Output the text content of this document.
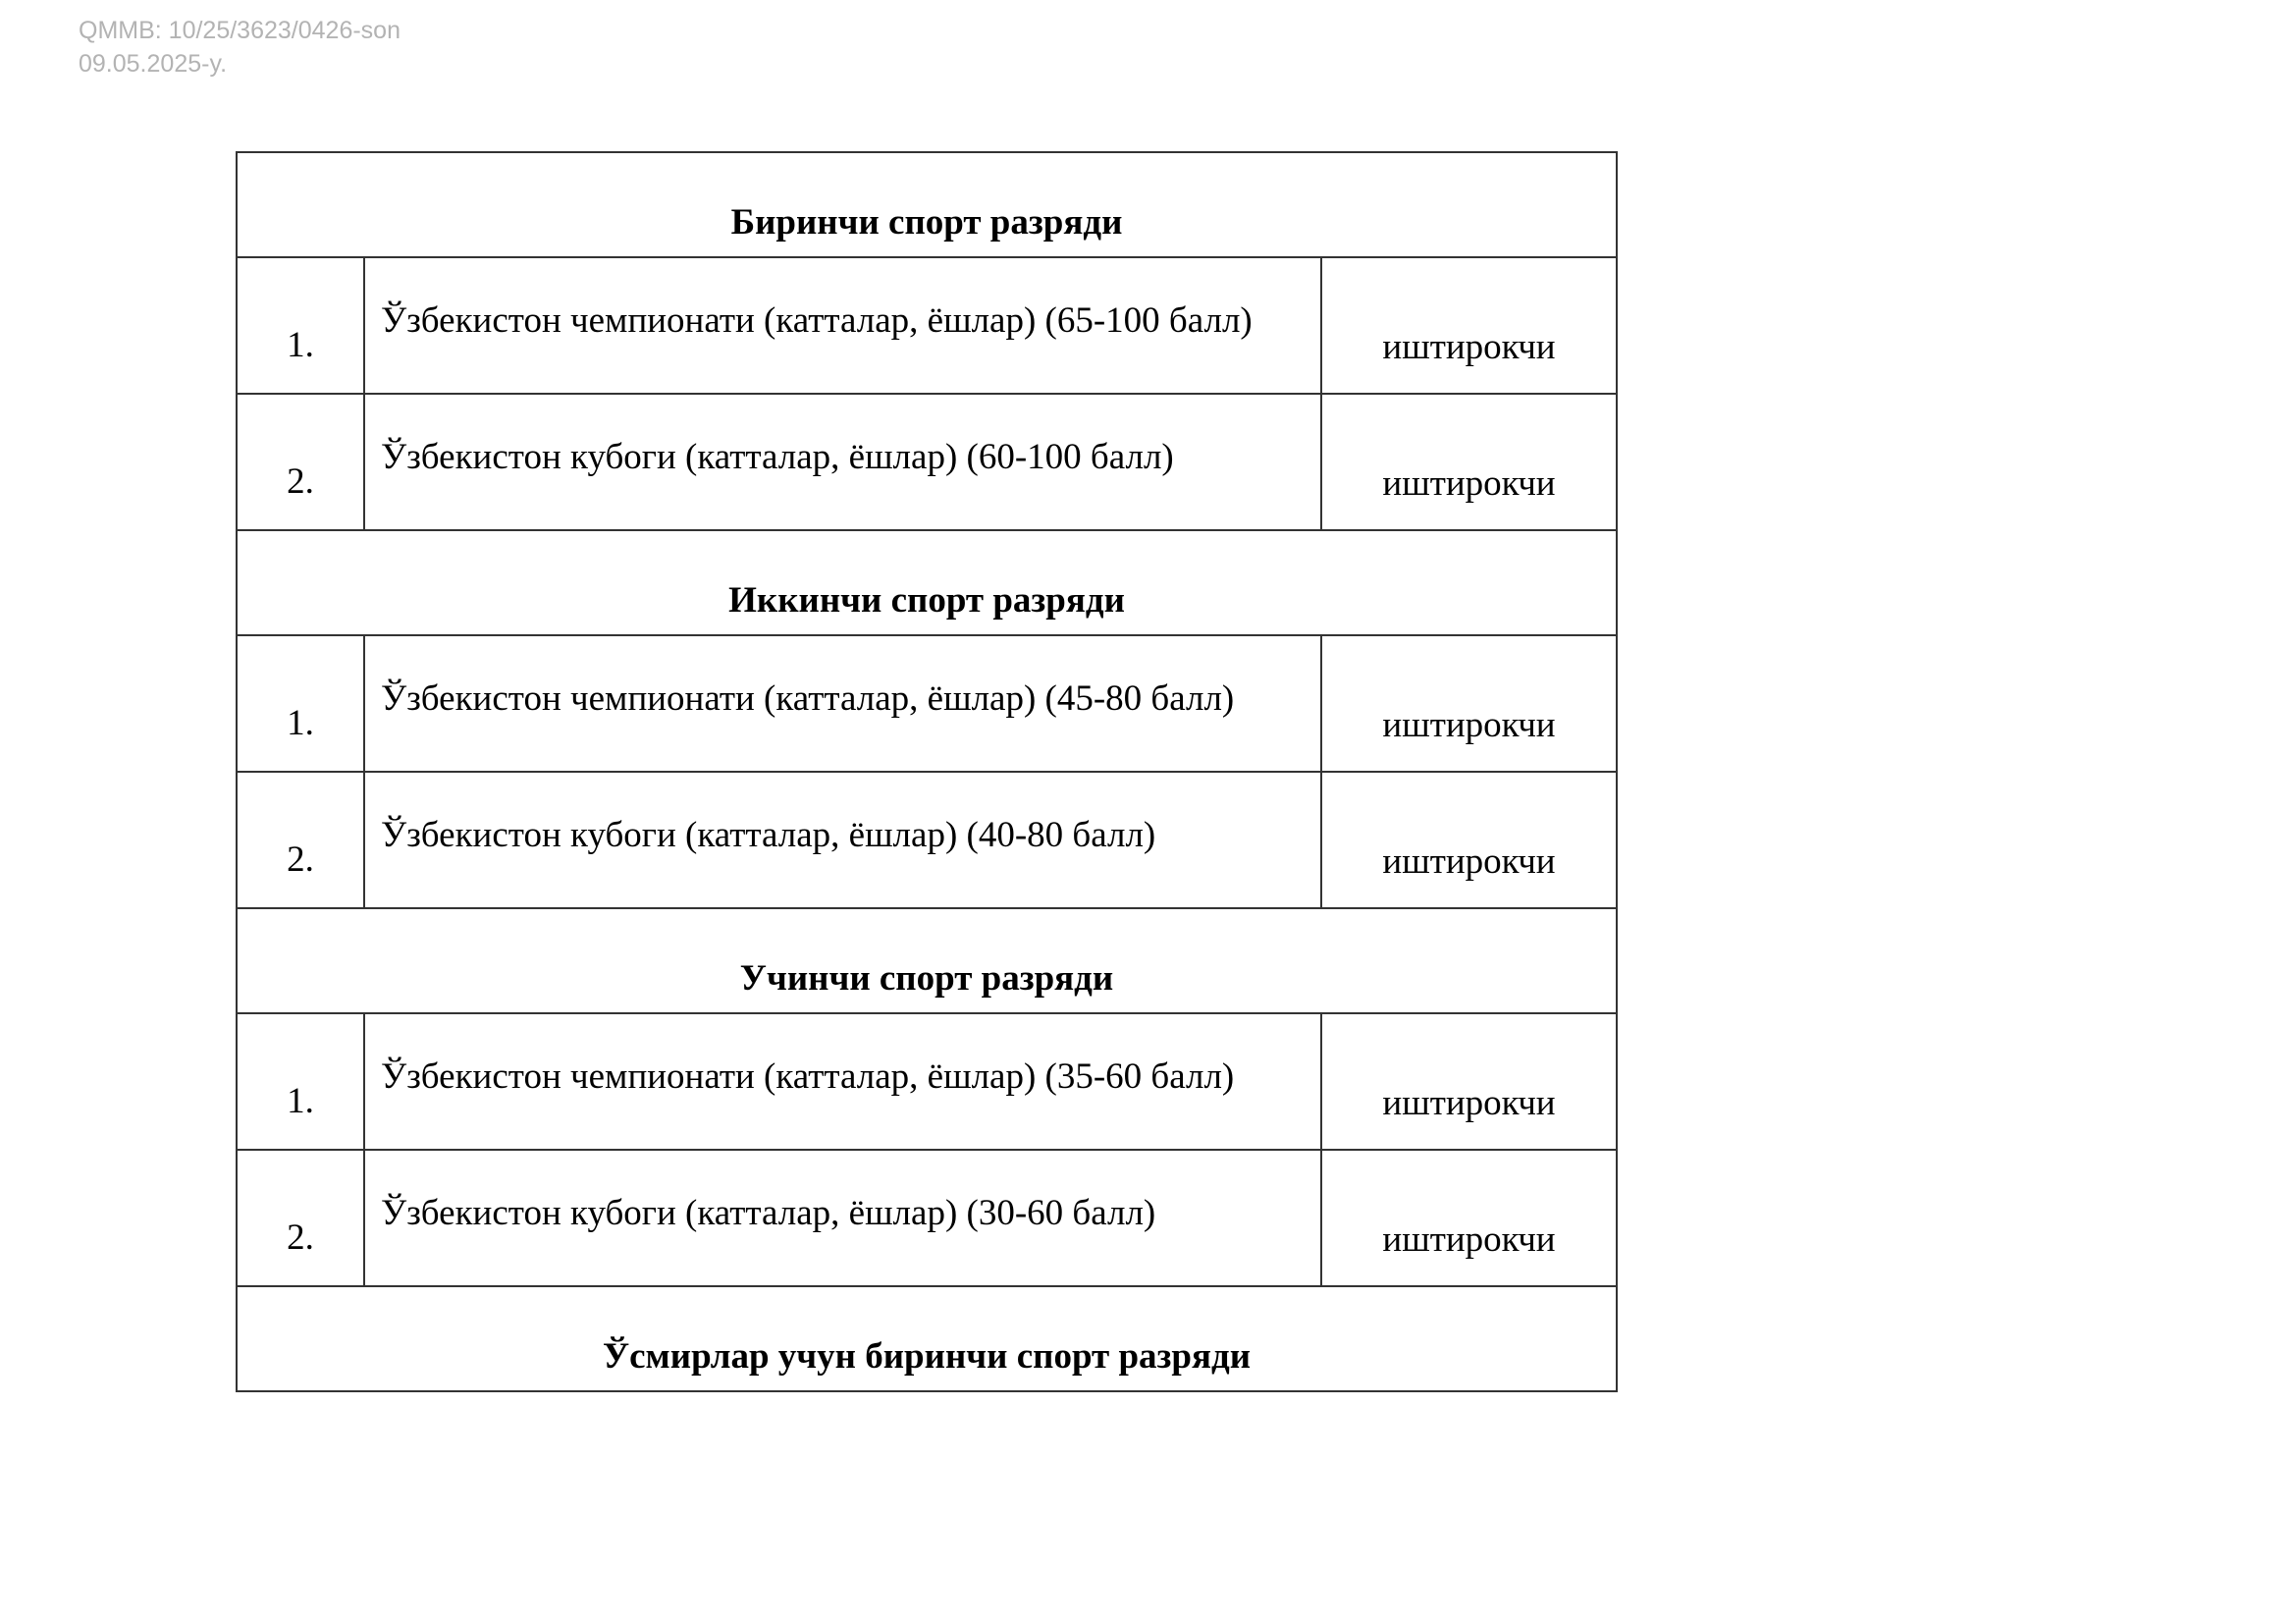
QMMB: 10/25/3623/0426-son
09.05.2025-y.
Биринчи спорт разряди		
1.	Ўзбекистон чемпионати (катталар, ёшлар) (65-100 балл)	иштирокчи
2.	Ўзбекистон кубоги (катталар, ёшлар) (60-100 балл)	иштирокчи
Иккинчи спорт разряди		
1.	Ўзбекистон чемпионати (катталар, ёшлар) (45-80 балл)	иштирокчи
2.	Ўзбекистон кубоги (катталар, ёшлар) (40-80 балл)	иштирокчи
Учинчи спорт разряди		
1.	Ўзбекистон чемпионати (катталар, ёшлар) (35-60 балл)	иштирокчи
2.	Ўзбекистон кубоги (катталар, ёшлар) (30-60 балл)	иштирокчи
Ўсмирлар учун биринчи спорт разряди		
